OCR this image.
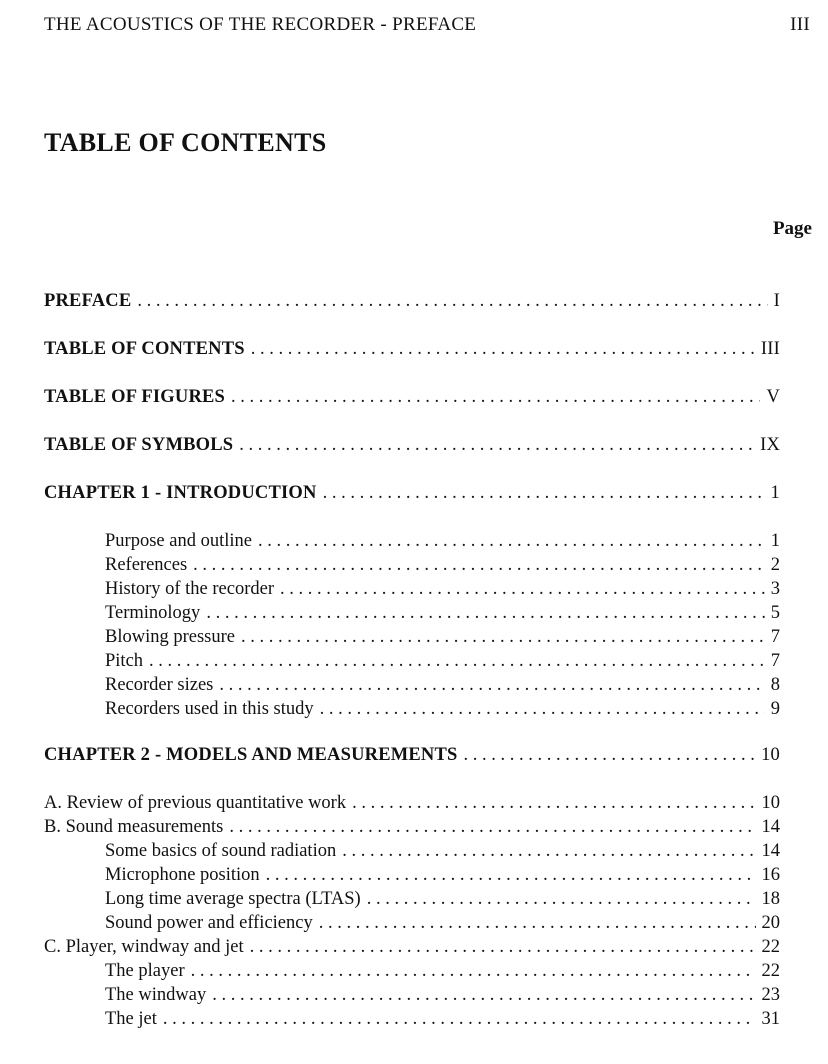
THE ACOUSTICS OF THE RECORDER - PREFACE	III
TABLE OF CONTENTS
Page
PREFACE . . .	I
TABLE OF CONTENTS . . .	III
TABLE OF FIGURES . . .	V
TABLE OF SYMBOLS . . .	IX
CHAPTER 1 - INTRODUCTION . . .	1
Purpose and outline . . .	1
References . . .	2
History of the recorder . . .	3
Terminology . . .	5
Blowing pressure . . .	7
Pitch . . .	7
Recorder sizes . . .	8
Recorders used in this study . . .	9
CHAPTER 2 - MODELS AND MEASUREMENTS . . .	10
A. Review of previous quantitative work . . .	10
B. Sound measurements . . .	14
Some basics of sound radiation . . .	14
Microphone position . . .	16
Long time average spectra (LTAS) . . .	18
Sound power and efficiency . . .	20
C. Player, windway and jet . . .	22
The player . . .	22
The windway . . .	23
The jet . . .	31
